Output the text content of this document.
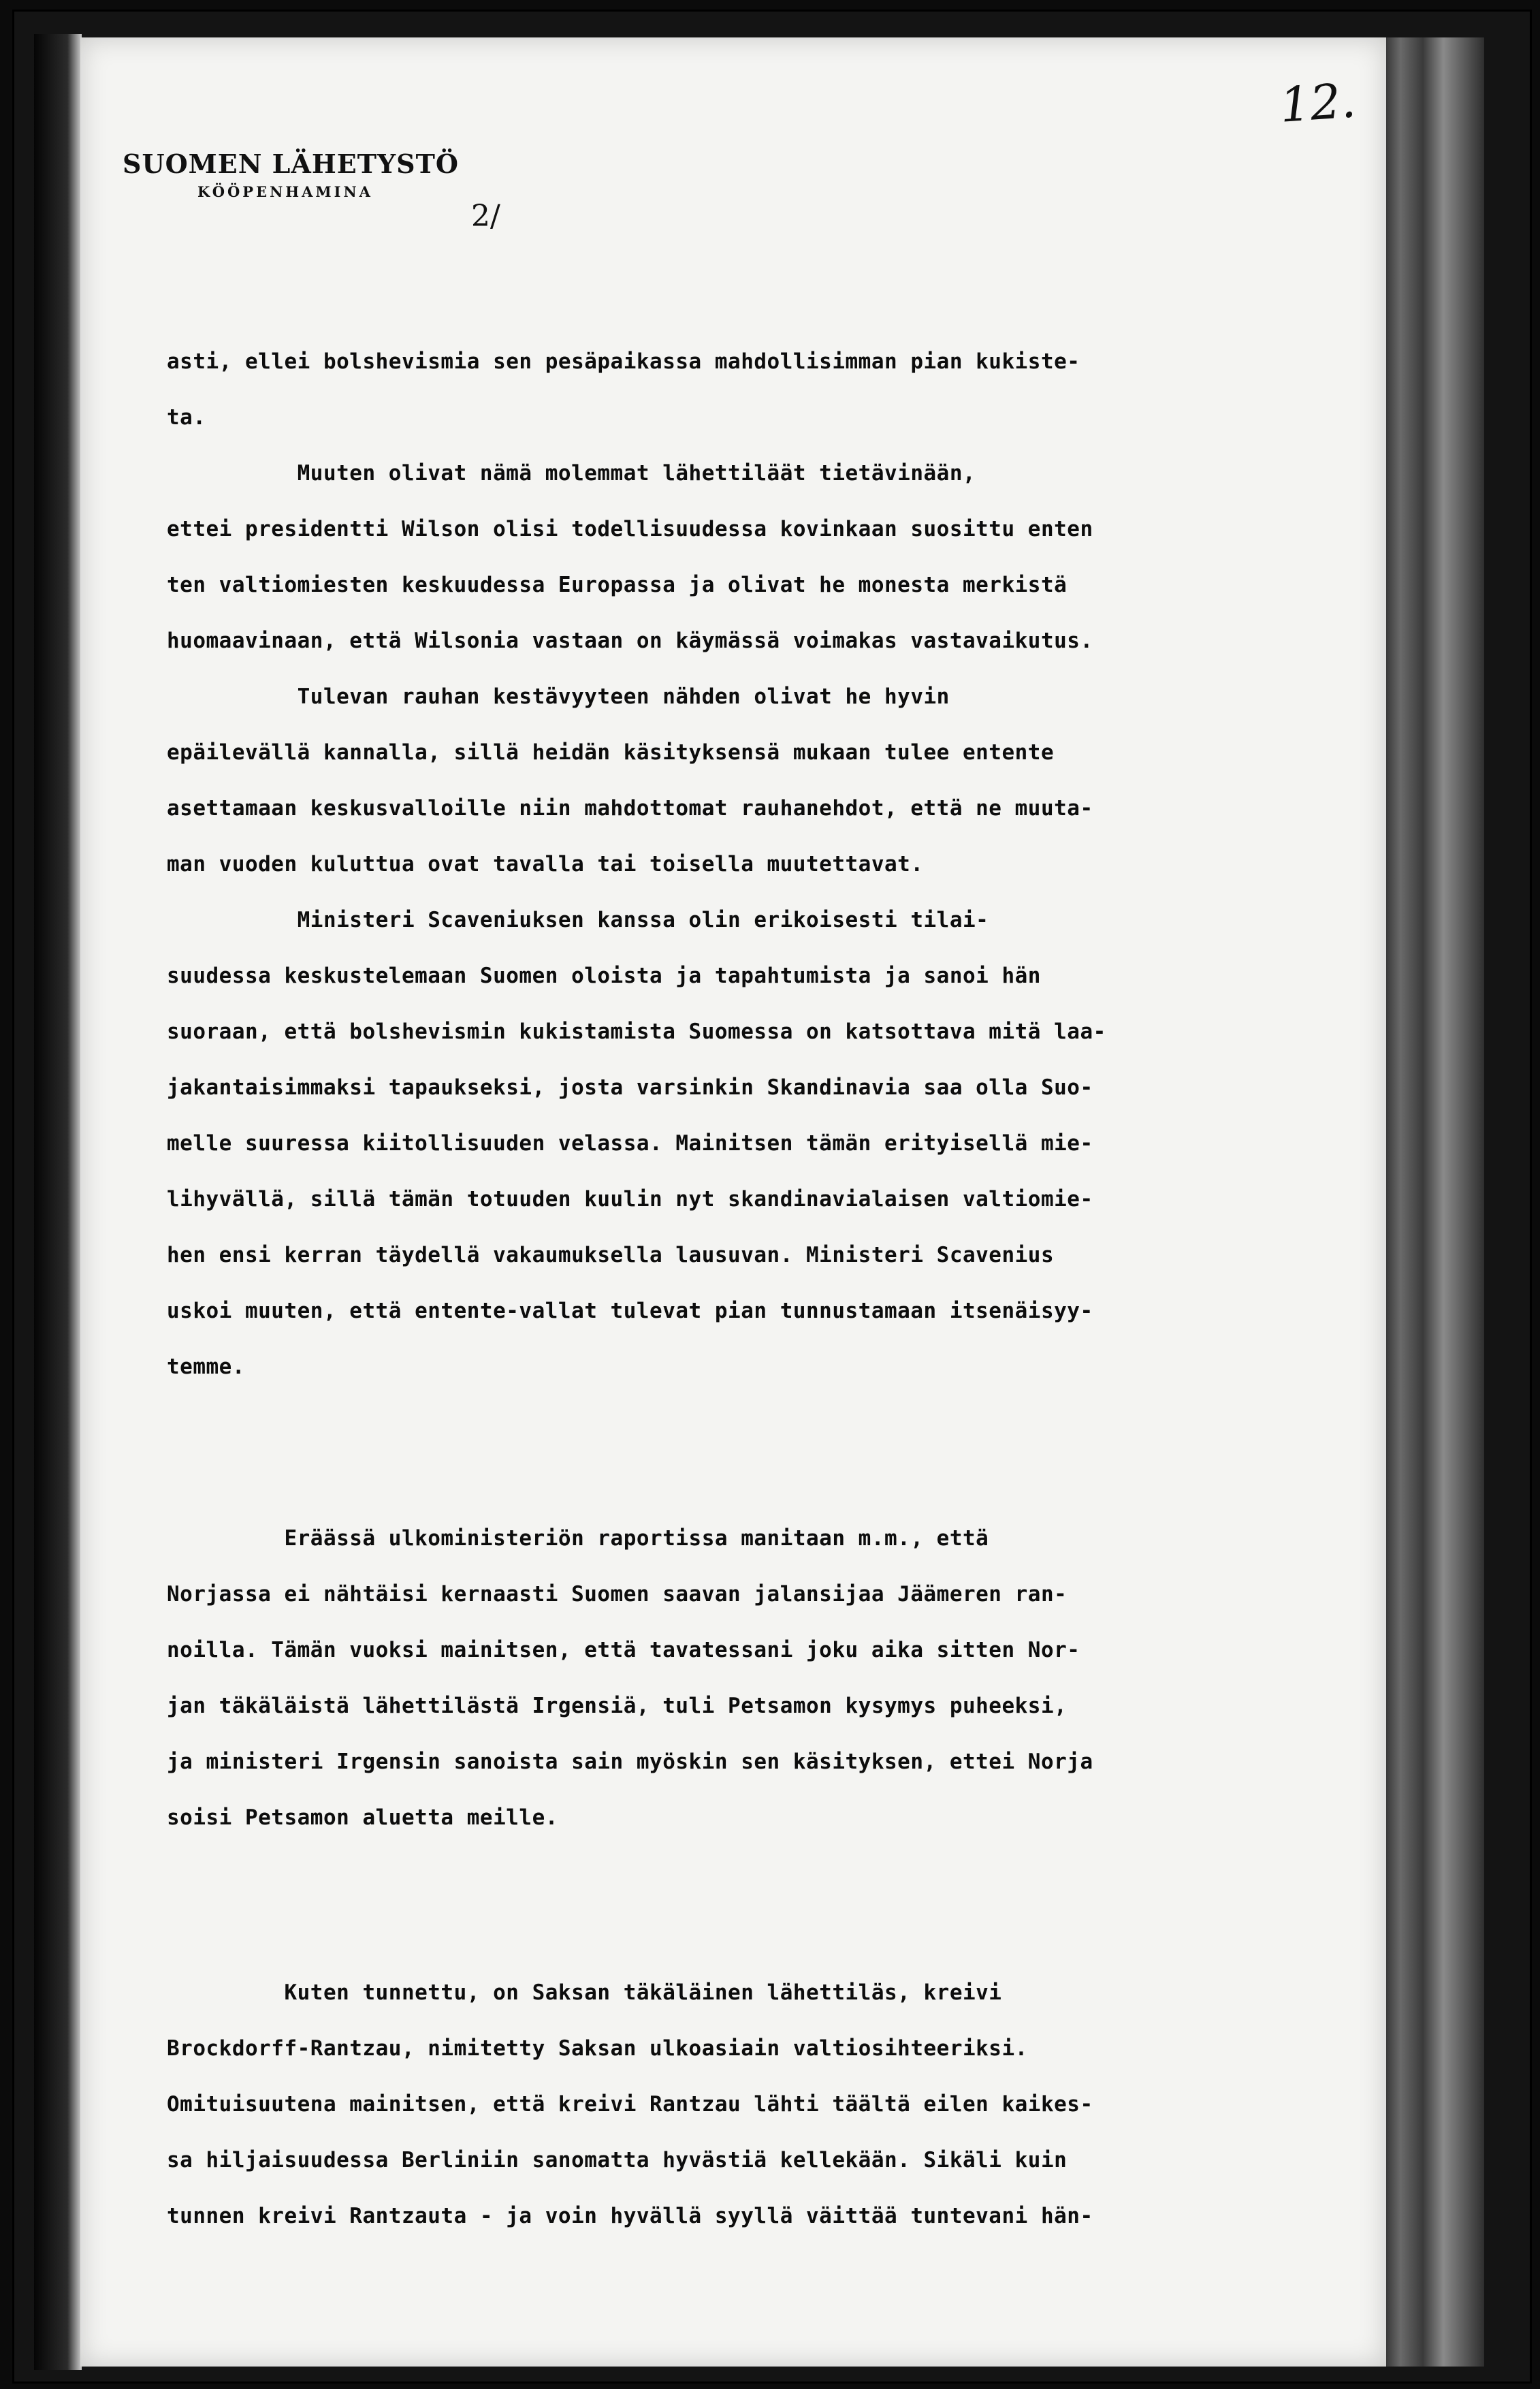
SUOMEN LÄHETYSTÖ
KÖÖPENHAMINA
12.
2/
asti, ellei bolshevismia sen pesäpaikassa mahdollisimman pian kukiste-
ta.
Muuten olivat nämä molemmat lähettiläät tietävinään,
ettei presidentti Wilson olisi todellisuudessa kovinkaan suosittu enten
ten valtiomiesten keskuudessa Europassa ja olivat he monesta merkistä
huomaavinaan, että Wilsonia vastaan on käymässä voimakas vastavaikutus.
Tulevan rauhan kestävyyteen nähden olivat he hyvin
epäilevällä kannalla, sillä heidän käsityksensä mukaan tulee entente
asettamaan keskusvalloille niin mahdottomat rauhanehdot, että ne muuta-
man vuoden kuluttua ovat tavalla tai toisella muutettavat.
Ministeri Scaveniuksen kanssa olin erikoisesti tilai-
suudessa keskustelemaan Suomen oloista ja tapahtumista ja sanoi hän
suoraan, että bolshevismin kukistamista Suomessa on katsottava mitä laa-
jakantaisimmaksi tapaukseksi, josta varsinkin Skandinavia saa olla Suo-
melle suuressa kiitollisuuden velassa. Mainitsen tämän erityisellä mie-
lihyvällä, sillä tämän totuuden kuulin nyt skandinavialaisen valtiomie-
hen ensi kerran täydellä vakaumuksella lausuvan. Ministeri Scavenius
uskoi muuten, että entente-vallat tulevat pian tunnustamaan itsenäisyy-
temme.
Eräässä ulkoministeriön raportissa manitaan m.m., että
Norjassa ei nähtäisi kernaasti Suomen saavan jalansijaa Jäämeren ran-
noilla. Tämän vuoksi mainitsen, että tavatessani joku aika sitten Nor-
jan täkäläistä lähettilästä Irgensiä, tuli Petsamon kysymys puheeksi,
ja ministeri Irgensin sanoista sain myöskin sen käsityksen, ettei Norja
soisi Petsamon aluetta meille.
Kuten tunnettu, on Saksan täkäläinen lähettiläs, kreivi
Brockdorff-Rantzau, nimitetty Saksan ulkoasiain valtiosihteeriksi.
Omituisuutena mainitsen, että kreivi Rantzau lähti täältä eilen kaikes-
sa hiljaisuudessa Berliniin sanomatta hyvästiä kellekään. Sikäli kuin
tunnen kreivi Rantzauta - ja voin hyvällä syyllä väittää tuntevani hän-
